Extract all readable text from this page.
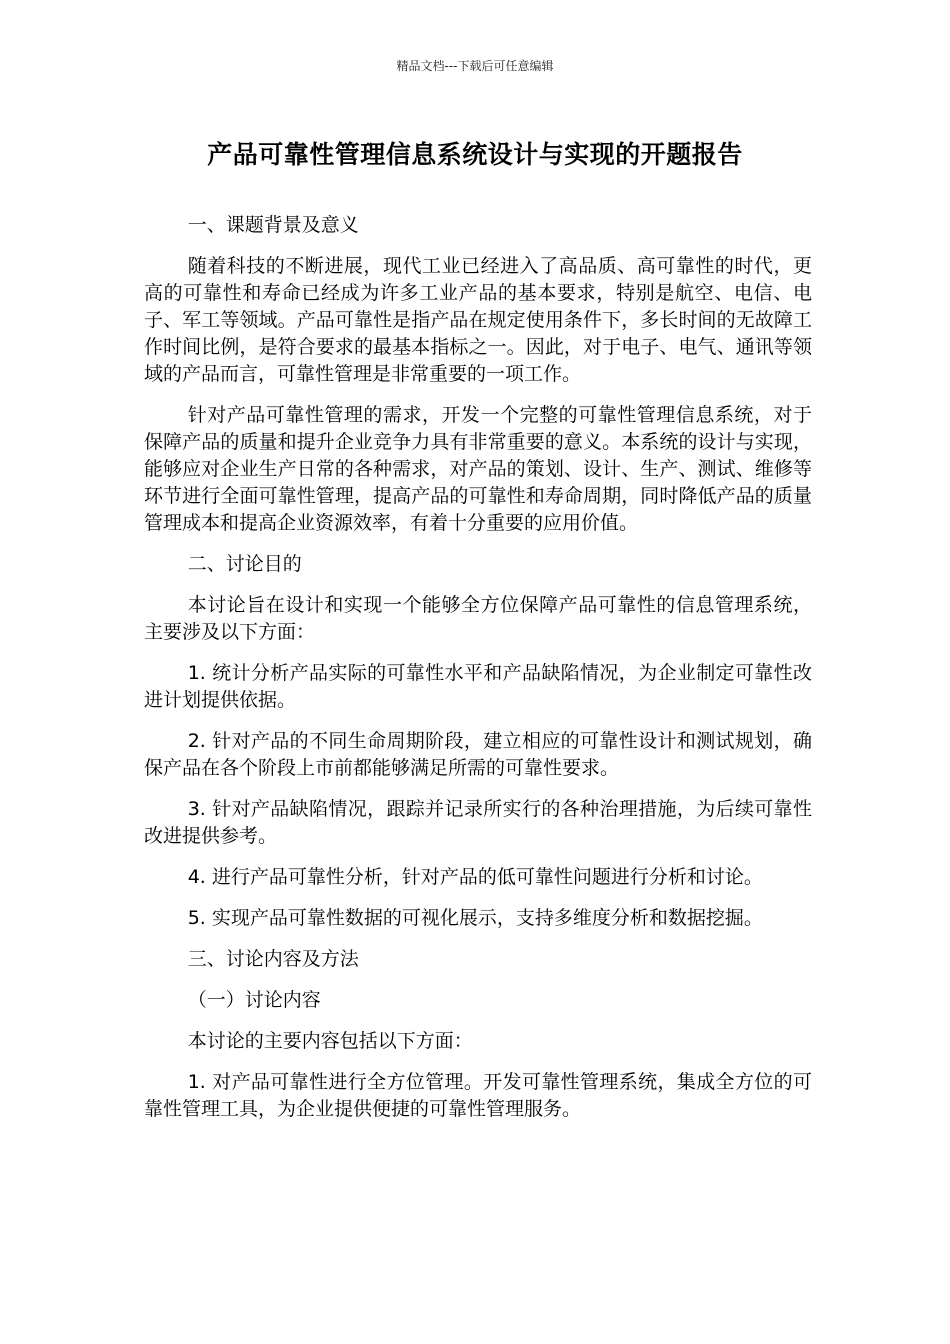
精品文档---下载后可任意编辑
产品可靠性管理信息系统设计与实现的开题报告

一、课题背景及意义

随着科技的不断进展，现代工业已经进入了高品质、高可靠性的时代，更高的可靠性和寿命已经成为许多工业产品的基本要求，特别是航空、电信、电子、军工等领域。产品可靠性是指产品在规定使用条件下，多长时间的无故障工作时间比例，是符合要求的最基本指标之一。因此，对于电子、电气、通讯等领域的产品而言，可靠性管理是非常重要的一项工作。

针对产品可靠性管理的需求，开发一个完整的可靠性管理信息系统，对于保障产品的质量和提升企业竞争力具有非常重要的意义。本系统的设计与实现，能够应对企业生产日常的各种需求，对产品的策划、设计、生产、测试、维修等环节进行全面可靠性管理，提高产品的可靠性和寿命周期，同时降低产品的质量管理成本和提高企业资源效率，有着十分重要的应用价值。

二、讨论目的

本讨论旨在设计和实现一个能够全方位保障产品可靠性的信息管理系统，主要涉及以下方面：

1. 统计分析产品实际的可靠性水平和产品缺陷情况，为企业制定可靠性改进计划提供依据。

2. 针对产品的不同生命周期阶段，建立相应的可靠性设计和测试规划，确保产品在各个阶段上市前都能够满足所需的可靠性要求。

3. 针对产品缺陷情况，跟踪并记录所实行的各种治理措施，为后续可靠性改进提供参考。

4. 进行产品可靠性分析，针对产品的低可靠性问题进行分析和讨论。

5. 实现产品可靠性数据的可视化展示，支持多维度分析和数据挖掘。

三、讨论内容及方法

（一）讨论内容

本讨论的主要内容包括以下方面：

1. 对产品可靠性进行全方位管理。开发可靠性管理系统，集成全方位的可靠性管理工具，为企业提供便捷的可靠性管理服务。
